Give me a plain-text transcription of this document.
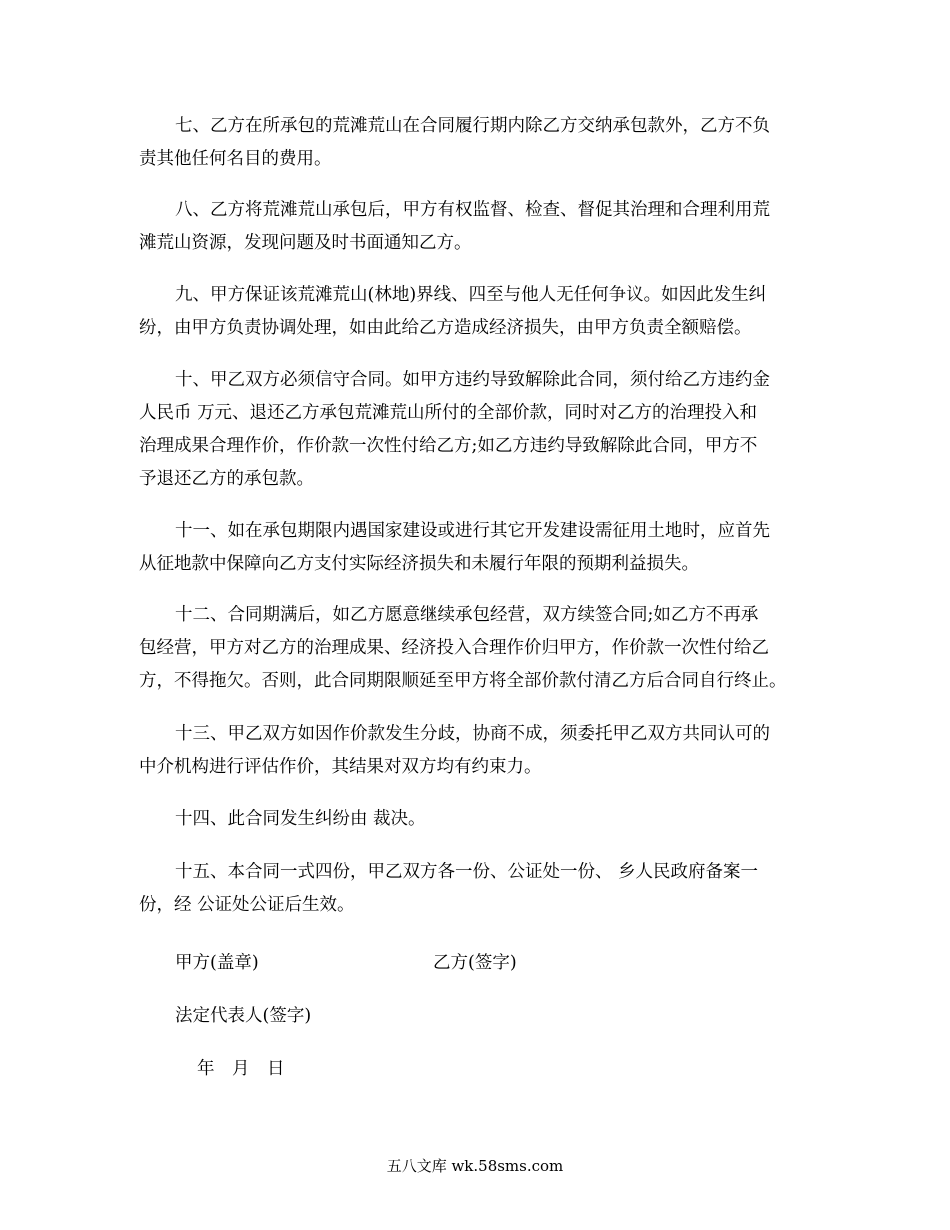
七、乙方在所承包的荒滩荒山在合同履行期内除乙方交纳承包款外，乙方不负
责其他任何名目的费用。
八、乙方将荒滩荒山承包后，甲方有权监督、检查、督促其治理和合理利用荒
滩荒山资源，发现问题及时书面通知乙方。
九、甲方保证该荒滩荒山(林地)界线、四至与他人无任何争议。如因此发生纠
纷，由甲方负责协调处理，如由此给乙方造成经济损失，由甲方负责全额赔偿。
十、甲乙双方必须信守合同。如甲方违约导致解除此合同，须付给乙方违约金
人民币 万元、退还乙方承包荒滩荒山所付的全部价款，同时对乙方的治理投入和
治理成果合理作价，作价款一次性付给乙方;如乙方违约导致解除此合同，甲方不
予退还乙方的承包款。
十一、如在承包期限内遇国家建设或进行其它开发建设需征用土地时，应首先
从征地款中保障向乙方支付实际经济损失和未履行年限的预期利益损失。
十二、合同期满后，如乙方愿意继续承包经营，双方续签合同;如乙方不再承
包经营，甲方对乙方的治理成果、经济投入合理作价归甲方，作价款一次性付给乙
方，不得拖欠。否则，此合同期限顺延至甲方将全部价款付清乙方后合同自行终止。
十三、甲乙双方如因作价款发生分歧，协商不成，须委托甲乙双方共同认可的
中介机构进行评估作价，其结果对双方均有约束力。
十四、此合同发生纠纷由 裁决。
十五、本合同一式四份，甲乙双方各一份、公证处一份、 乡人民政府备案一
份，经 公证处公证后生效。
甲方(盖章)	乙方(签字)
法定代表人(签字)
年　月　日
五八文库 wk.58sms.com
